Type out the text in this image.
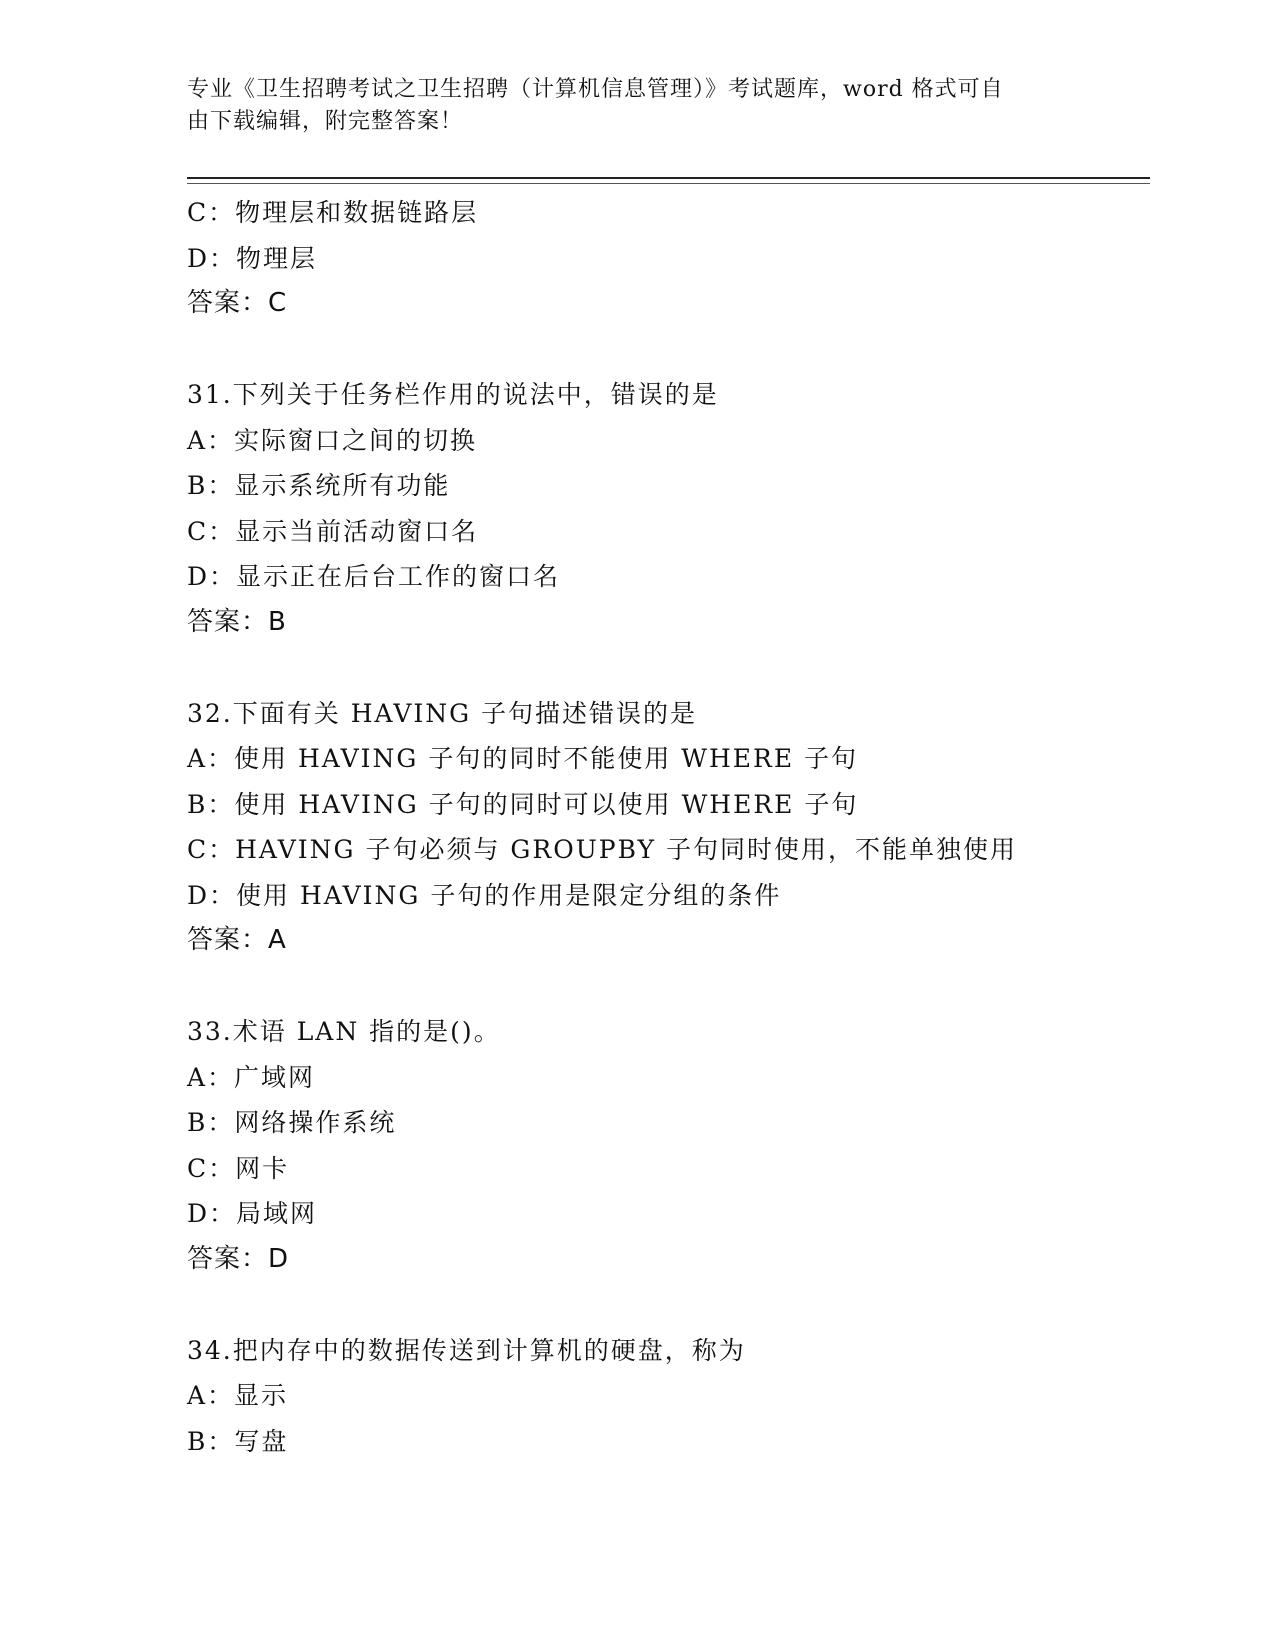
专业《卫生招聘考试之卫生招聘（计算机信息管理）》考试题库，word 格式可自
由下载编辑，附完整答案！
C：物理层和数据链路层
D：物理层
答案：C
31.下列关于任务栏作用的说法中，错误的是
A：实际窗口之间的切换
B：显示系统所有功能
C：显示当前活动窗口名
D：显示正在后台工作的窗口名
答案：B
32.下面有关 HAVING 子句描述错误的是
A：使用 HAVING 子句的同时不能使用 WHERE 子句
B：使用 HAVING 子句的同时可以使用 WHERE 子句
C：HAVING 子句必须与 GROUPBY 子句同时使用，不能单独使用
D：使用 HAVING 子句的作用是限定分组的条件
答案：A
33.术语 LAN 指的是()。
A：广域网
B：网络操作系统
C：网卡
D：局域网
答案：D
34.把内存中的数据传送到计算机的硬盘，称为
A：显示
B：写盘
